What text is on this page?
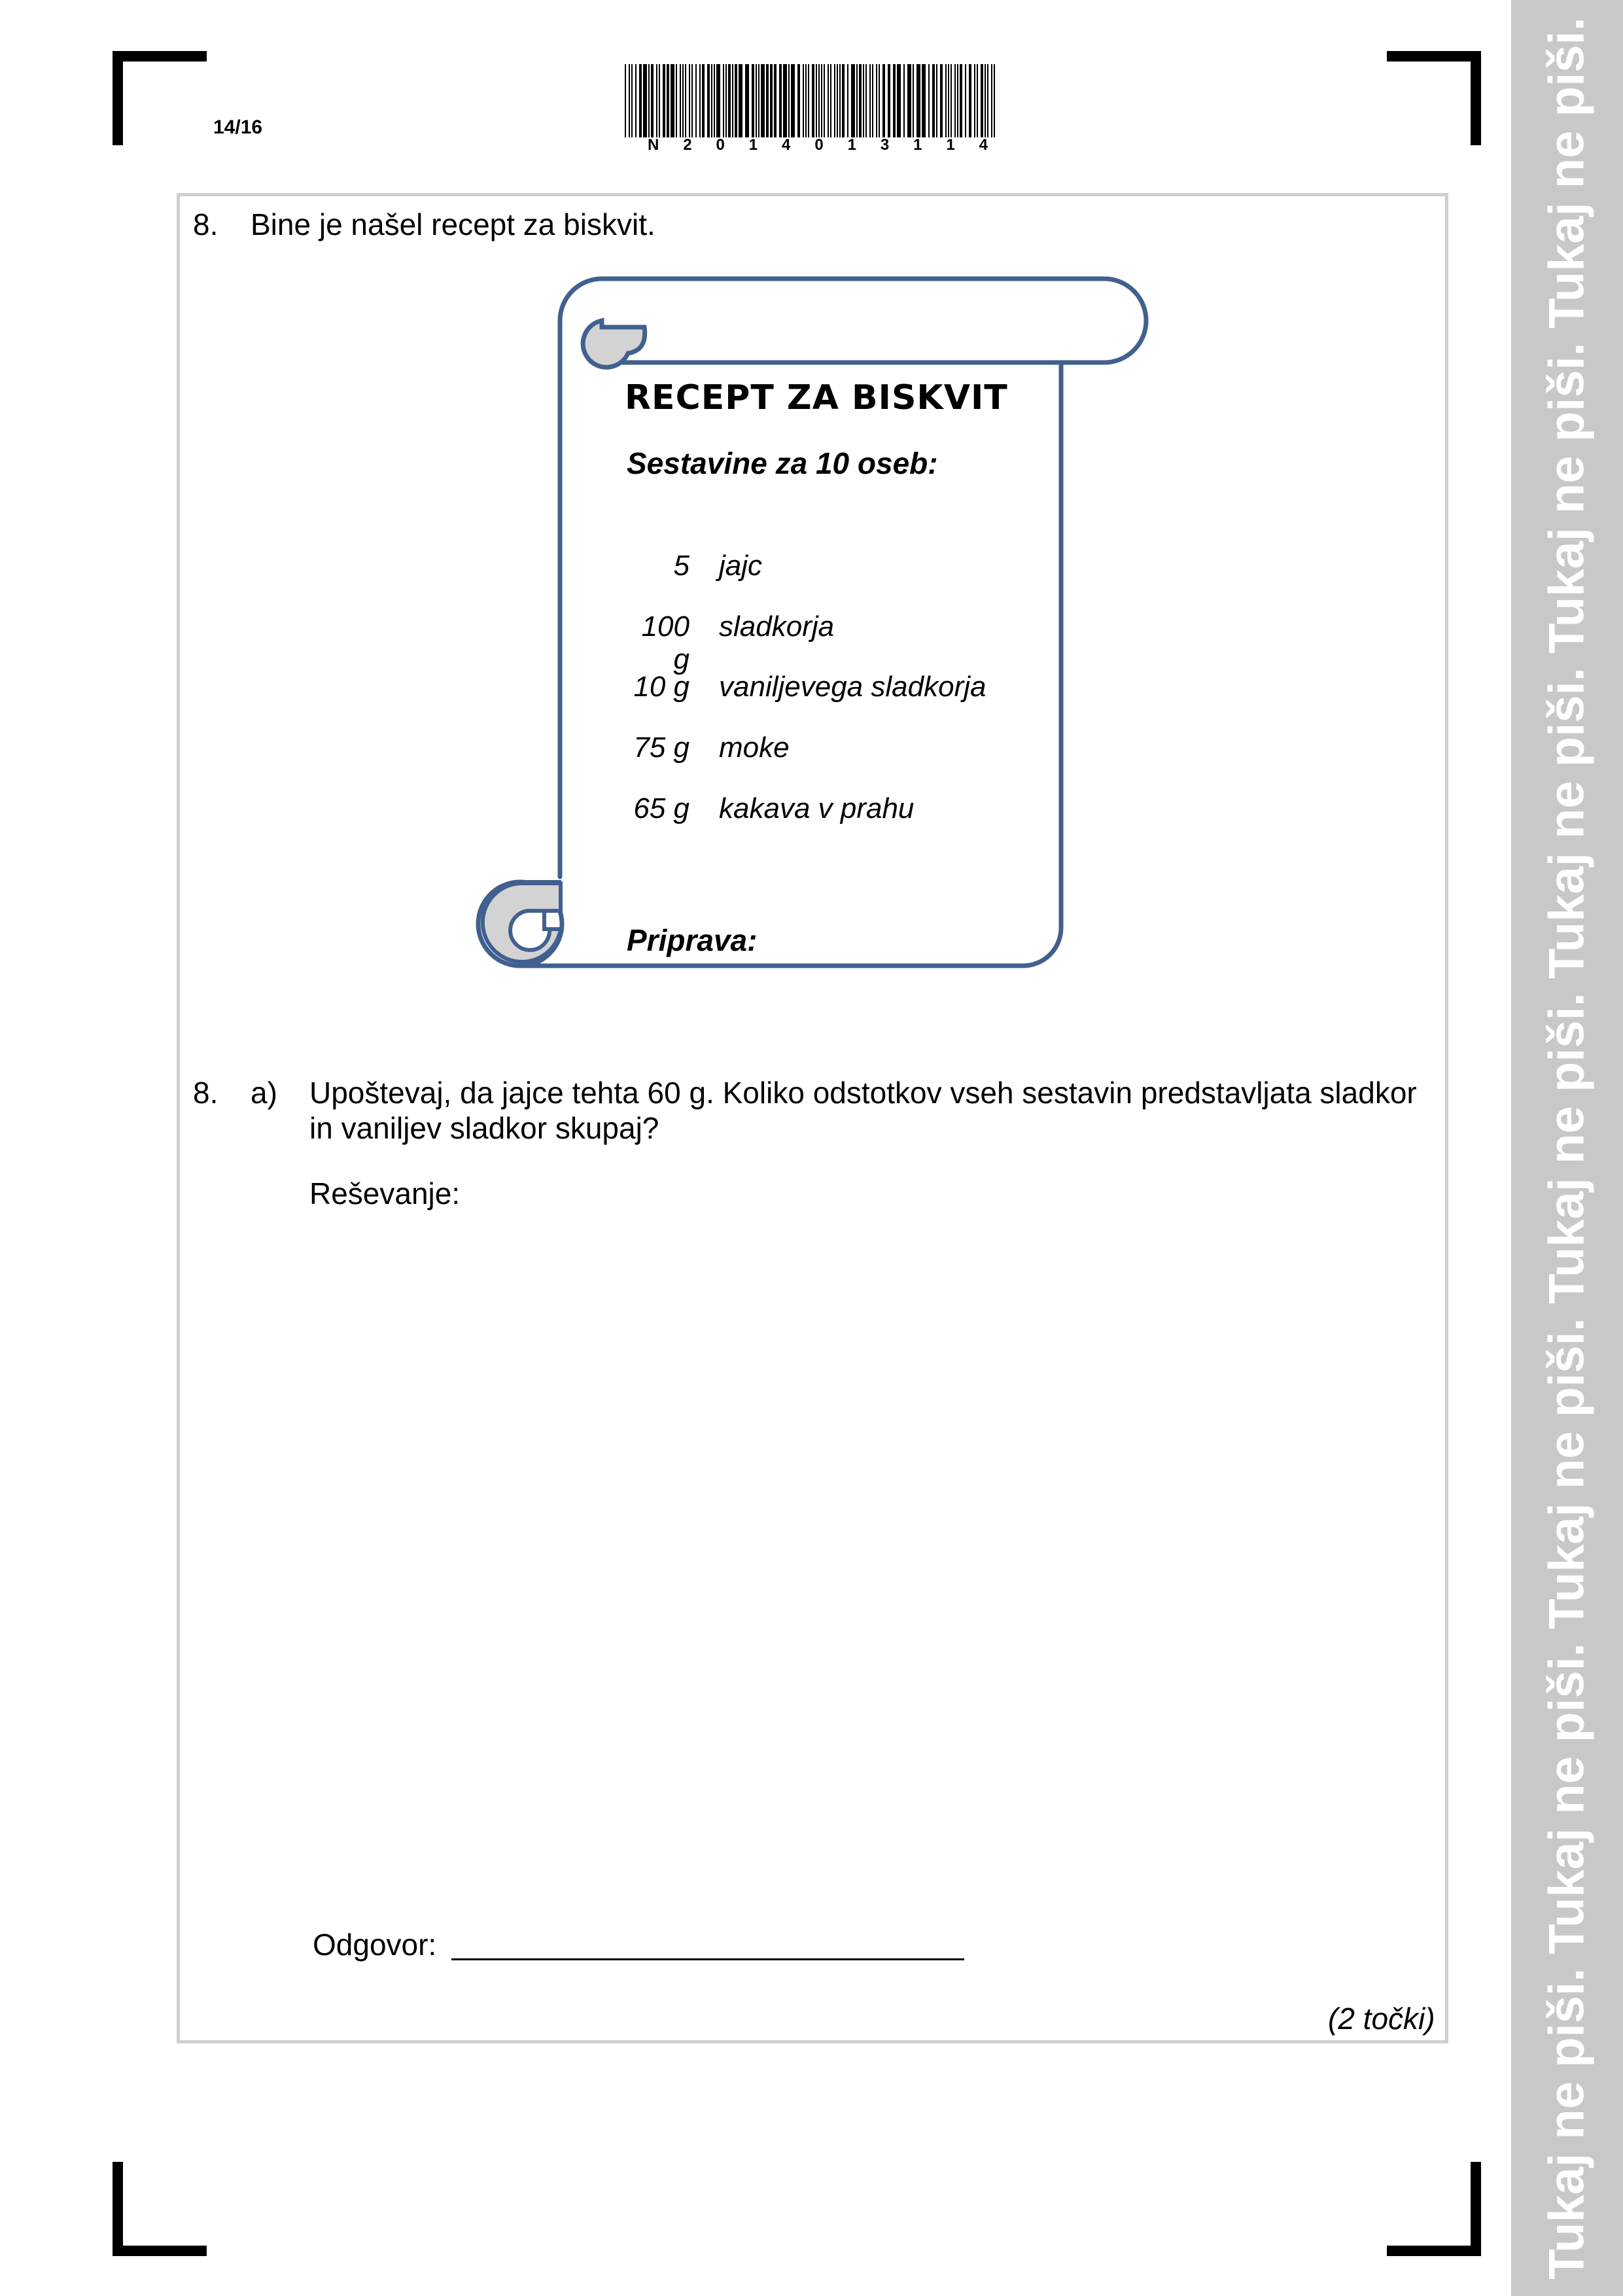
14/16
N 2 0 1 4 0 1 3 1 1 4	Tukaj ne piši. Tukaj ne piši. Tukaj ne piši. Tukaj ne piši. Tukaj ne piši. Tukaj ne piši. Tukaj ne piši.
8. Bine je našel recept za biskvit.
RECEPT ZA BISKVIT
Sestavine za 10 oseb:
5 jajc
100 g
sladkorja
10 g vaniljevega sladkorja
75 g moke
65 g kakava v prahu
Priprava:
8. a) Upoštevaj, da jajce tehta 60 g. Koliko odstotkov vseh sestavin predstavljata sladkor in vaniljev sladkor skupaj?
Reševanje:
Odgovor:
(2 točki)
